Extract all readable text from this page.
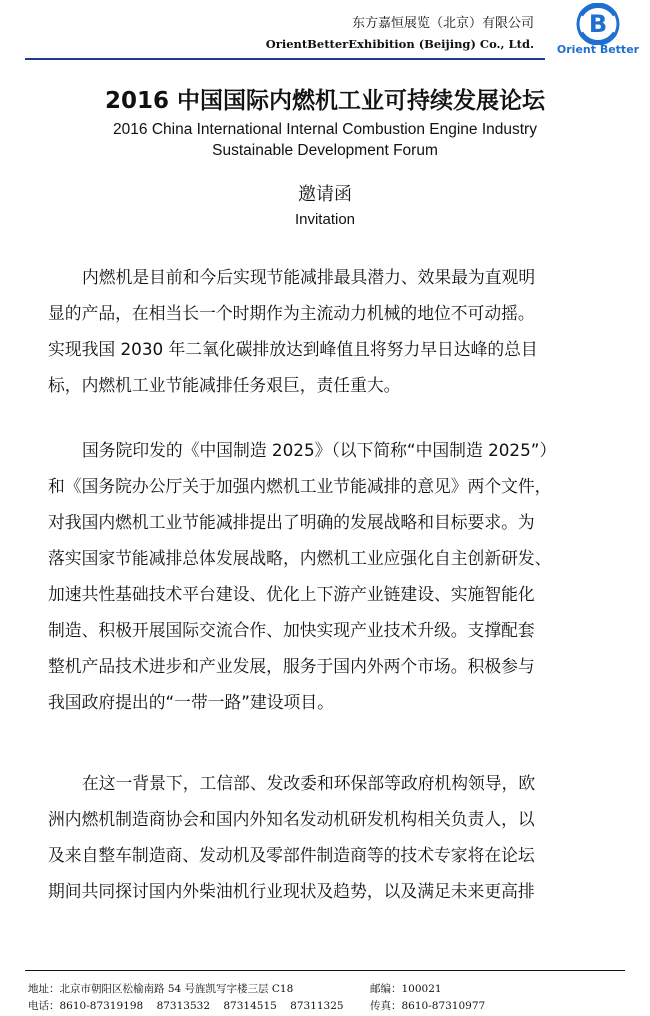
东方嘉恒展览（北京）有限公司
OrientBetterExhibition (Beijing) Co., Ltd.
B
Orient Better
2016 中国国际内燃机工业可持续发展论坛
2016 China International Internal Combustion Engine Industry
Sustainable Development Forum
邀请函
Invitation

内燃机是目前和今后实现节能减排最具潜力、效果最为直观明
显的产品，在相当长一个时期作为主流动力机械的地位不可动摇。
实现我国 2030 年二氧化碳排放达到峰值且将努力早日达峰的总目
标，内燃机工业节能减排任务艰巨，责任重大。

国务院印发的《中国制造 2025》（以下简称“中国制造 2025”）
和《国务院办公厅关于加强内燃机工业节能减排的意见》两个文件，
对我国内燃机工业节能减排提出了明确的发展战略和目标要求。为
落实国家节能减排总体发展战略，内燃机工业应强化自主创新研发、
加速共性基础技术平台建设、优化上下游产业链建设、实施智能化
制造、积极开展国际交流合作、加快实现产业技术升级。支撑配套
整机产品技术进步和产业发展，服务于国内外两个市场。积极参与
我国政府提出的“一带一路”建设项目。

在这一背景下，工信部、发改委和环保部等政府机构领导，欧
洲内燃机制造商协会和国内外知名发动机研发机构相关负责人，以
及来自整车制造商、发动机及零部件制造商等的技术专家将在论坛
期间共同探讨国内外柴油机行业现状及趋势，以及满足未来更高排

地址：北京市朝阳区松榆南路 54 号旌凯写字楼三层 C18	邮编：100021
电话：8610-87319198    87313532    87314515    87311325	传真：8610-87310977
